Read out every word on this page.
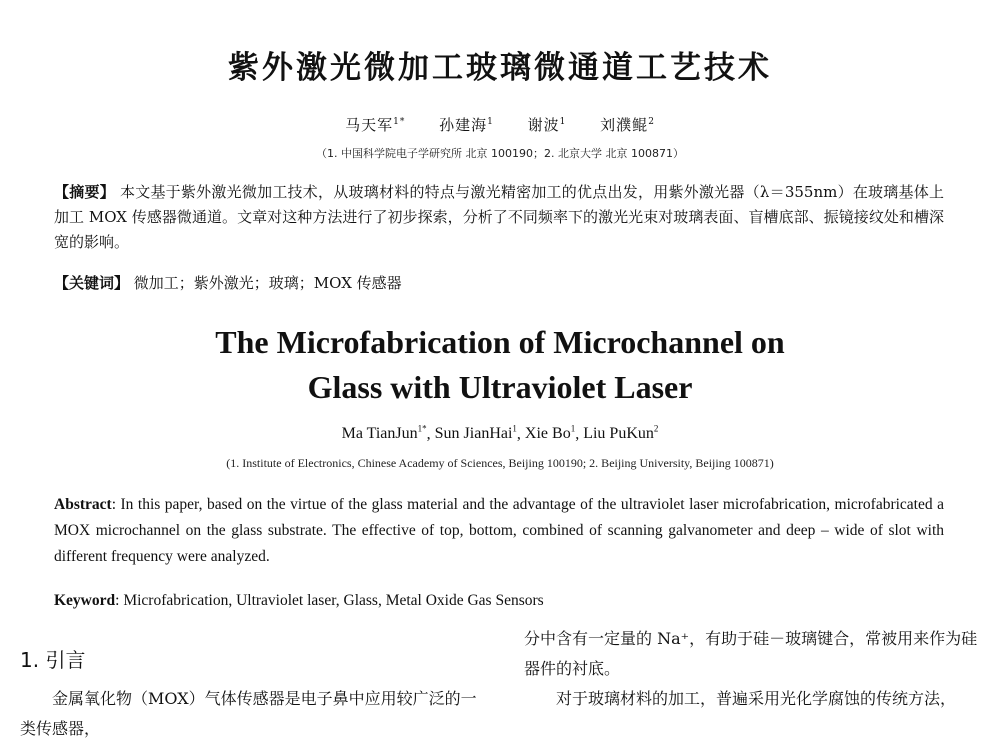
紫外激光微加工玻璃微通道工艺技术
马天军$^{1*}$ 孙建海$^1$ 谢波$^1$ 刘濮鲲$^2$
（1. 中国科学院电子学研究所 北京 100190；2. 北京大学 北京 100871）
【摘要】 本文基于紫外激光微加工技术，从玻璃材料的特点与激光精密加工的优点出发，用紫外激光器（λ＝355nm）在玻璃基体上加工 MOX 传感器微通道。文章对这种方法进行了初步探索，分析了不同频率下的激光光束对玻璃表面、盲槽底部、振镜接纹处和槽深宽的影响。
【关键词】 微加工；紫外激光；玻璃；MOX 传感器
The Microfabrication of Microchannel on
Glass with Ultraviolet Laser
Ma TianJun$^{1*}$, Sun JianHai$^1$, Xie Bo$^1$, Liu PuKun$^2$
(1. Institute of Electronics, Chinese Academy of Sciences, Beijing 100190; 2. Beijing University, Beijing 100871)
Abstract: In this paper, based on the virtue of the glass material and the advantage of the ultraviolet laser microfabrication, microfabricated a MOX microchannel on the glass substrate. The effective of top, bottom, combined of scanning galvanometer and deep – wide of slot with different frequency were analyzed.
Keyword: Microfabrication, Ultraviolet laser, Glass, Metal Oxide Gas Sensors
1. 引言
金属氧化物（MOX）气体传感器是电子鼻中应用较广泛的一类传感器，
分中含有一定量的 Na⁺，有助于硅－玻璃键合，常被用来作为硅器件的衬底。
对于玻璃材料的加工，普遍采用光化学腐蚀的传统方法，
